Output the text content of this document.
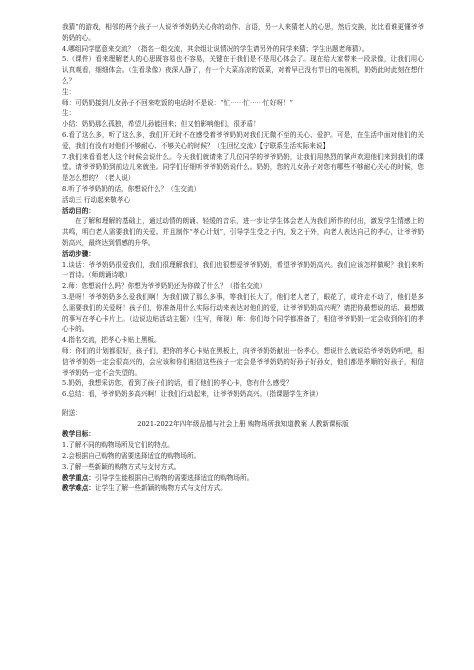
我猜”的游戏，相邻的两个孩子一人说爷爷奶奶关心你的动作、言语，另一人来猜老人的心思，然后交换，比比看谁更懂爷爷奶奶的心。

4.哪组同学愿意来交流？（指名一组交流，其余组让说情况的学生请另外的同学来猜；学生出题老师猜）。

5.（课件）看来理解老人的心思既容易也不容易，关键在于我们是不是用心体会了。现在给大家带来一段录像，让我们用心认真观看，细细体会。（生看录像）夜深人静了，有一个大菜冻凉的饭菜，对着早已没有节日的电视机，奶奶此时此刻在想什么？

生：

师：可奶奶接到儿女孙子不回来吃饭的电话时不是说：“忙⋯⋯忙⋯⋯忙好呀！”

生：

小结：奶奶那么孤独，希望儿孙能回来；但又怕影响他们，很矛盾！

6.看了这么多，听了这么多，我们开无时不在感受着爷爷奶奶对我们无微不至的关心、爱护。可是，在生活中面对他们的关爱，我们有没有对他们不够耐心、不够关心的时候？（生回忆交流）【宁联系生活实际来说】

7.我们来看看老人这个时候会说什么。今天我们就请来了几位同学的爷爷奶奶，让我们用热烈的掌声欢迎他们来到我们的课堂。请爷爷奶奶到前边儿来就坐。同学们仔细听爷爷奶奶说什么。奶奶，您的儿女孙子对您有哪些不够耐心关心的时候，您是怎么想的？（老人说）

8.听了爷爷奶奶的话，你想说什么？（生交流）

活动三 行动起来敬孝心

活动目的：

在了解和理解的基础上，通过动情的朗诵、轻缓的音乐，进一步让学生体会老人为我们所作的付出，激发学生情感上的共鸣，明白老人需要我们的关爱。并且制作“孝心计划”，引导学生受之于内，发之于外，向老人表达自己的孝心，让爷爷奶奶高兴，最终达到情感的升华。

活动步骤：

1.谈话：爷爷奶奶很爱我们，我们很理解我们，我们也很想爱爷爷奶奶，希望爷爷奶奶高兴。我们应该怎样做呢？我们来听一首诗。（师朗诵诗歌）

2.师：您想说什么吗？你想为爷爷奶奶还为你做了什么？（指名交流）

3.是呀！爷爷奶奶多么爱我们啊！为我们做了那么多事，等我们长大了，他们老人老了，眼花了，或许走不动了，他们是多么需要我们的关爱呀！孩子们，你准备用什么实际行动来表达对他们的爱，让爷爷奶奶高兴呢？请把你最想说的话、最想做的事写在孝心卡片上。（边说边贴活动主题）（生写，师视）师：你们每个同学都准备了，相信爷爷奶奶一定会收到你们的孝心卡的。

4.指名交流，把孝心卡贴上黑板。

师：你们的计划都很好，孩子们，把你的孝心卡贴在黑板上，向爷爷奶奶献出一份孝心，想说什么就说给爷爷奶奶听吧，相信爷爷奶奶一定会很高兴的，会应该和你们相信这些孩子一定会是爷爷奶奶的好孙子好孙女，他们都是孝顺的好孩子，相信爷爷奶奶一定不会失望的。

5.奶奶，我想采访您，看到了孩子们的话，看了他们的孝心卡，您有什么感受？

6.总结：看，爷爷奶奶多高兴啊！让我们行动起来，让爷爷奶奶高兴。（指课题学生齐读）

附送：

2021-2022年四年级品德与社会上册 购物场所我知道教案 人教新课标版

教学目标：

1.了解不同的购物场所及它们的特点。

2.会根据自己购物的需要选择适宜的购物场所。

3.了解一些新颖的购物方式与支付方式。

教学重点：引导学生能根据自己购物的需要选择适宜的购物场所。

教学难点：让学生了解一些新颖的购物方式与支付方式。
